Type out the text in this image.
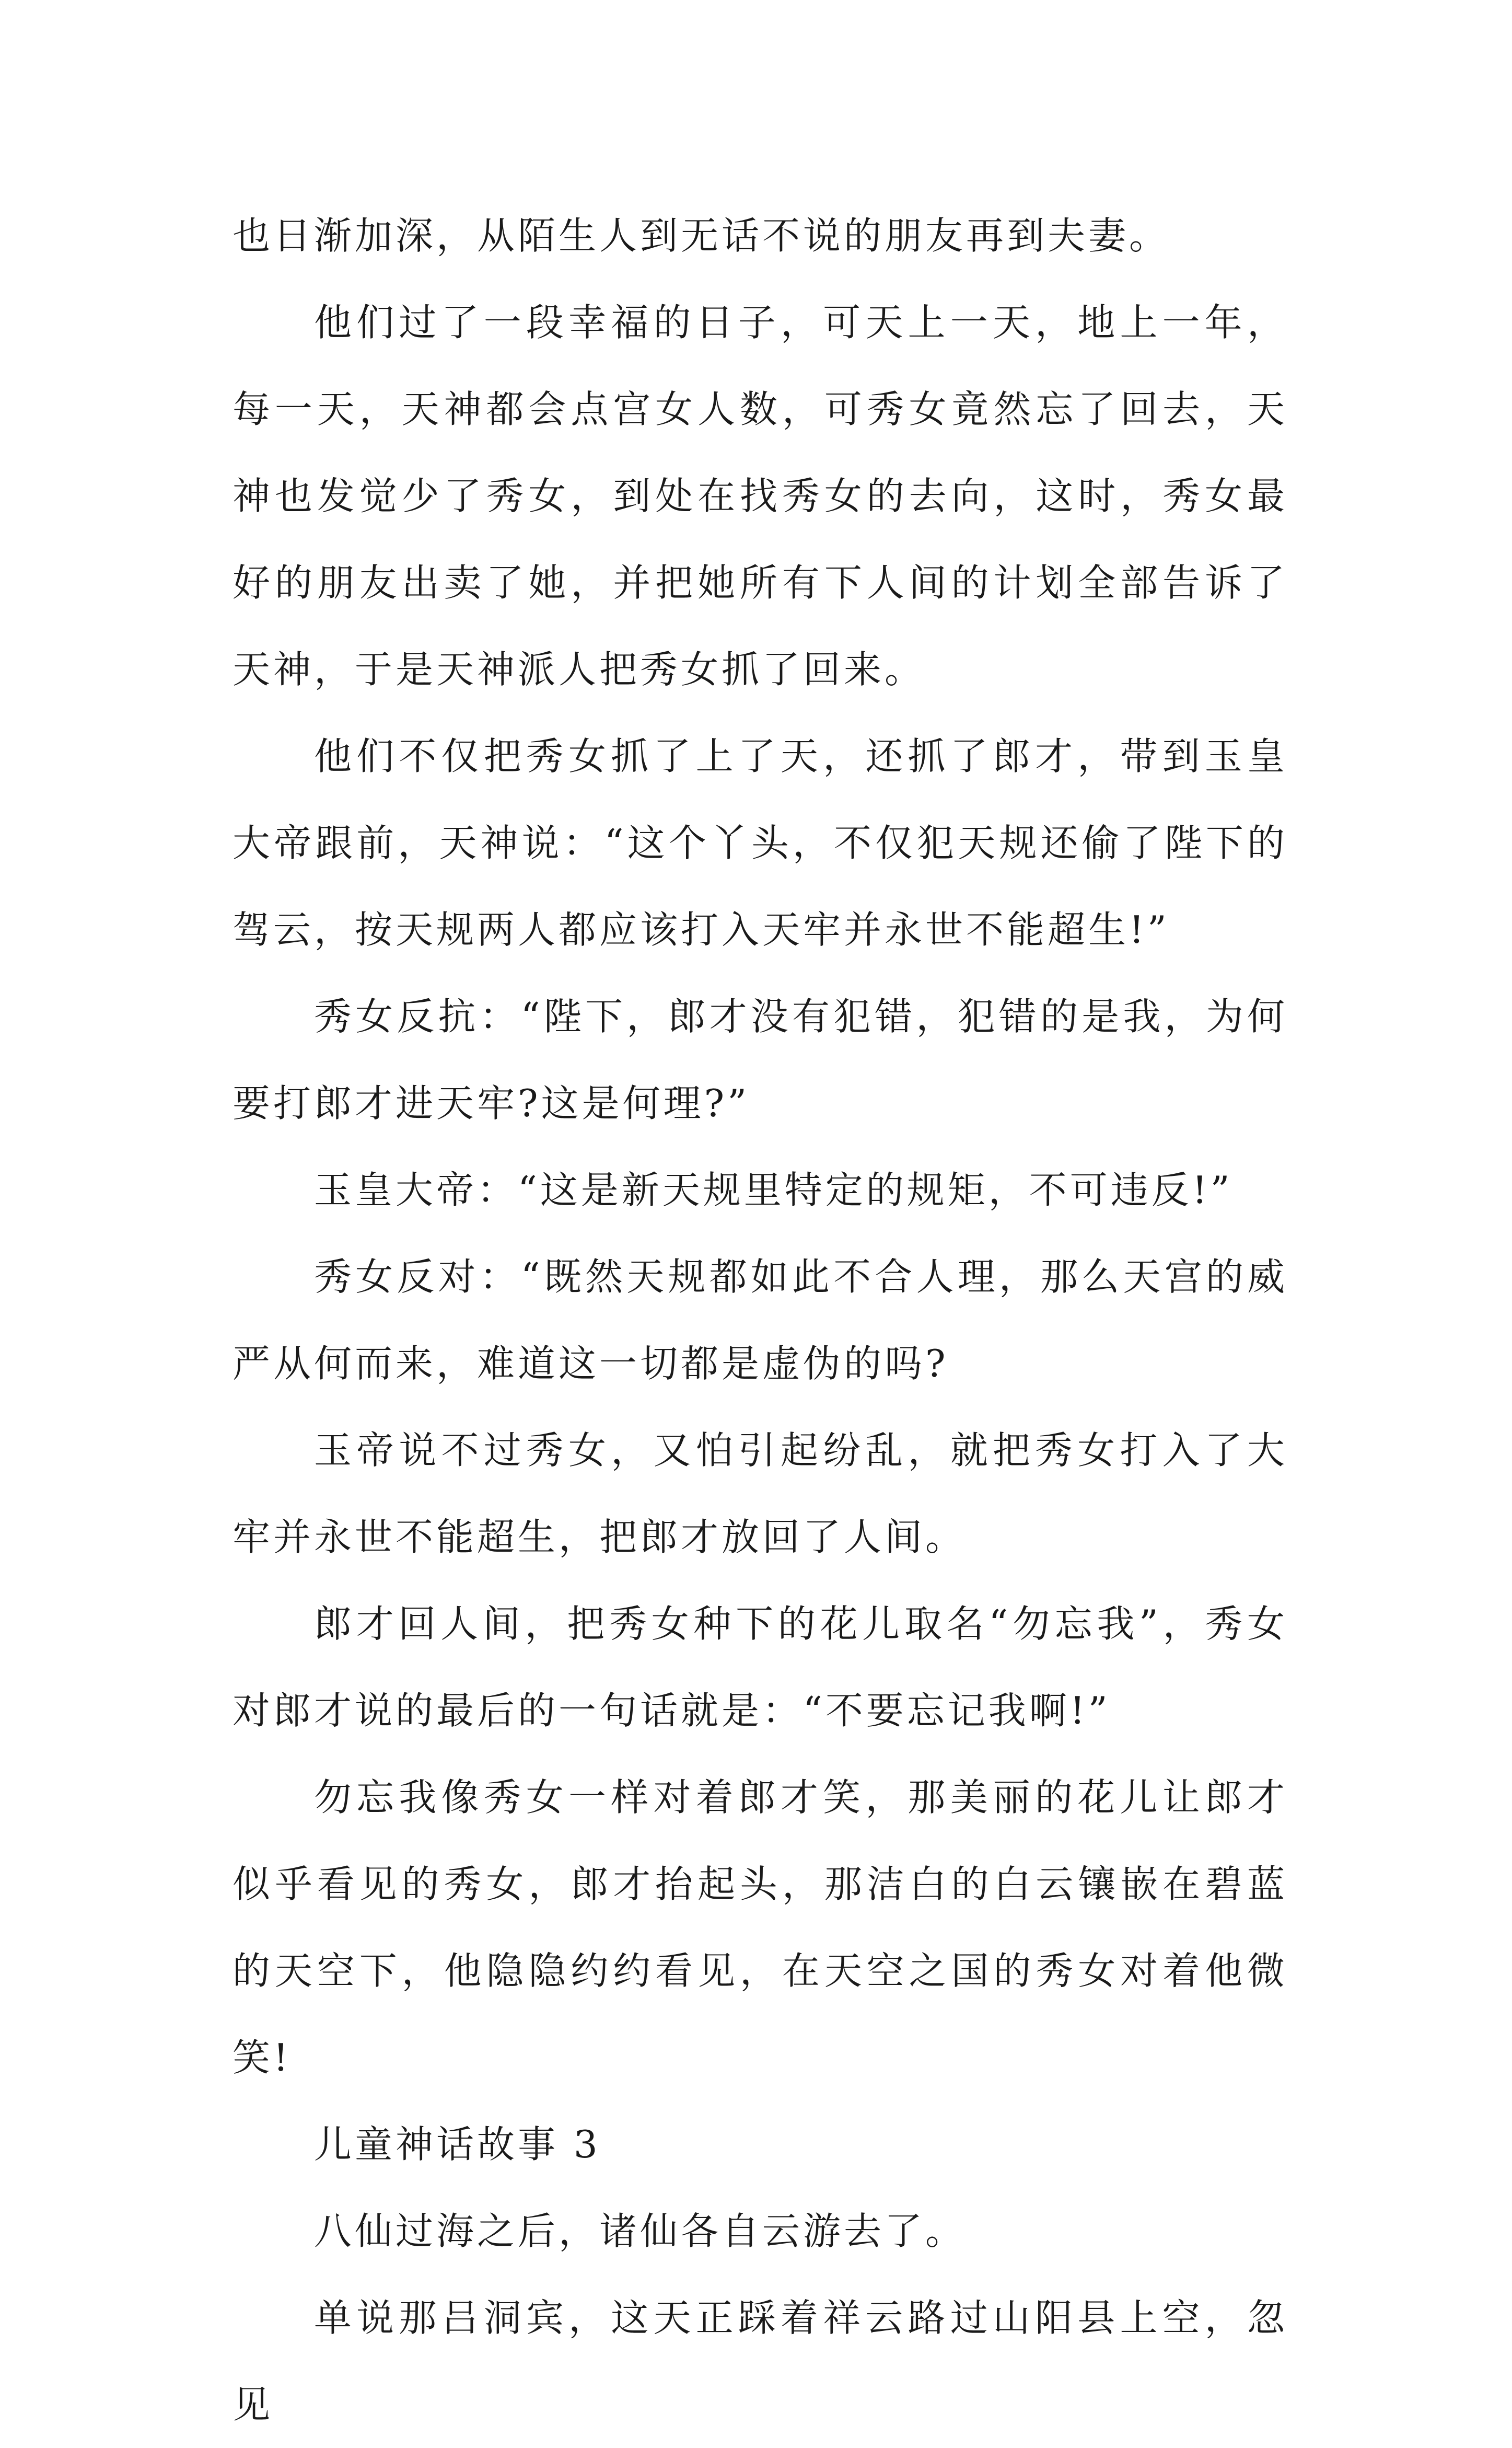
也日渐加深，从陌生人到无话不说的朋友再到夫妻。

他们过了一段幸福的日子，可天上一天，地上一年，每一天，天神都会点宫女人数，可秀女竟然忘了回去，天神也发觉少了秀女，到处在找秀女的去向，这时，秀女最好的朋友出卖了她，并把她所有下人间的计划全部告诉了天神，于是天神派人把秀女抓了回来。

他们不仅把秀女抓了上了天，还抓了郎才，带到玉皇大帝跟前，天神说：“这个丫头，不仅犯天规还偷了陛下的驾云，按天规两人都应该打入天牢并永世不能超生!”

秀女反抗：“陛下，郎才没有犯错，犯错的是我，为何要打郎才进天牢?这是何理?”

玉皇大帝：“这是新天规里特定的规矩，不可违反!”

秀女反对：“既然天规都如此不合人理，那么天宫的威严从何而来，难道这一切都是虚伪的吗?

玉帝说不过秀女，又怕引起纷乱，就把秀女打入了大牢并永世不能超生，把郎才放回了人间。

郎才回人间，把秀女种下的花儿取名“勿忘我”，秀女对郎才说的最后的一句话就是：“不要忘记我啊!”

勿忘我像秀女一样对着郎才笑，那美丽的花儿让郎才似乎看见的秀女，郎才抬起头，那洁白的白云镶嵌在碧蓝的天空下，他隐隐约约看见，在天空之国的秀女对着他微笑!

儿童神话故事 3

八仙过海之后，诸仙各自云游去了。

单说那吕洞宾，这天正踩着祥云路过山阳县上空，忽见
